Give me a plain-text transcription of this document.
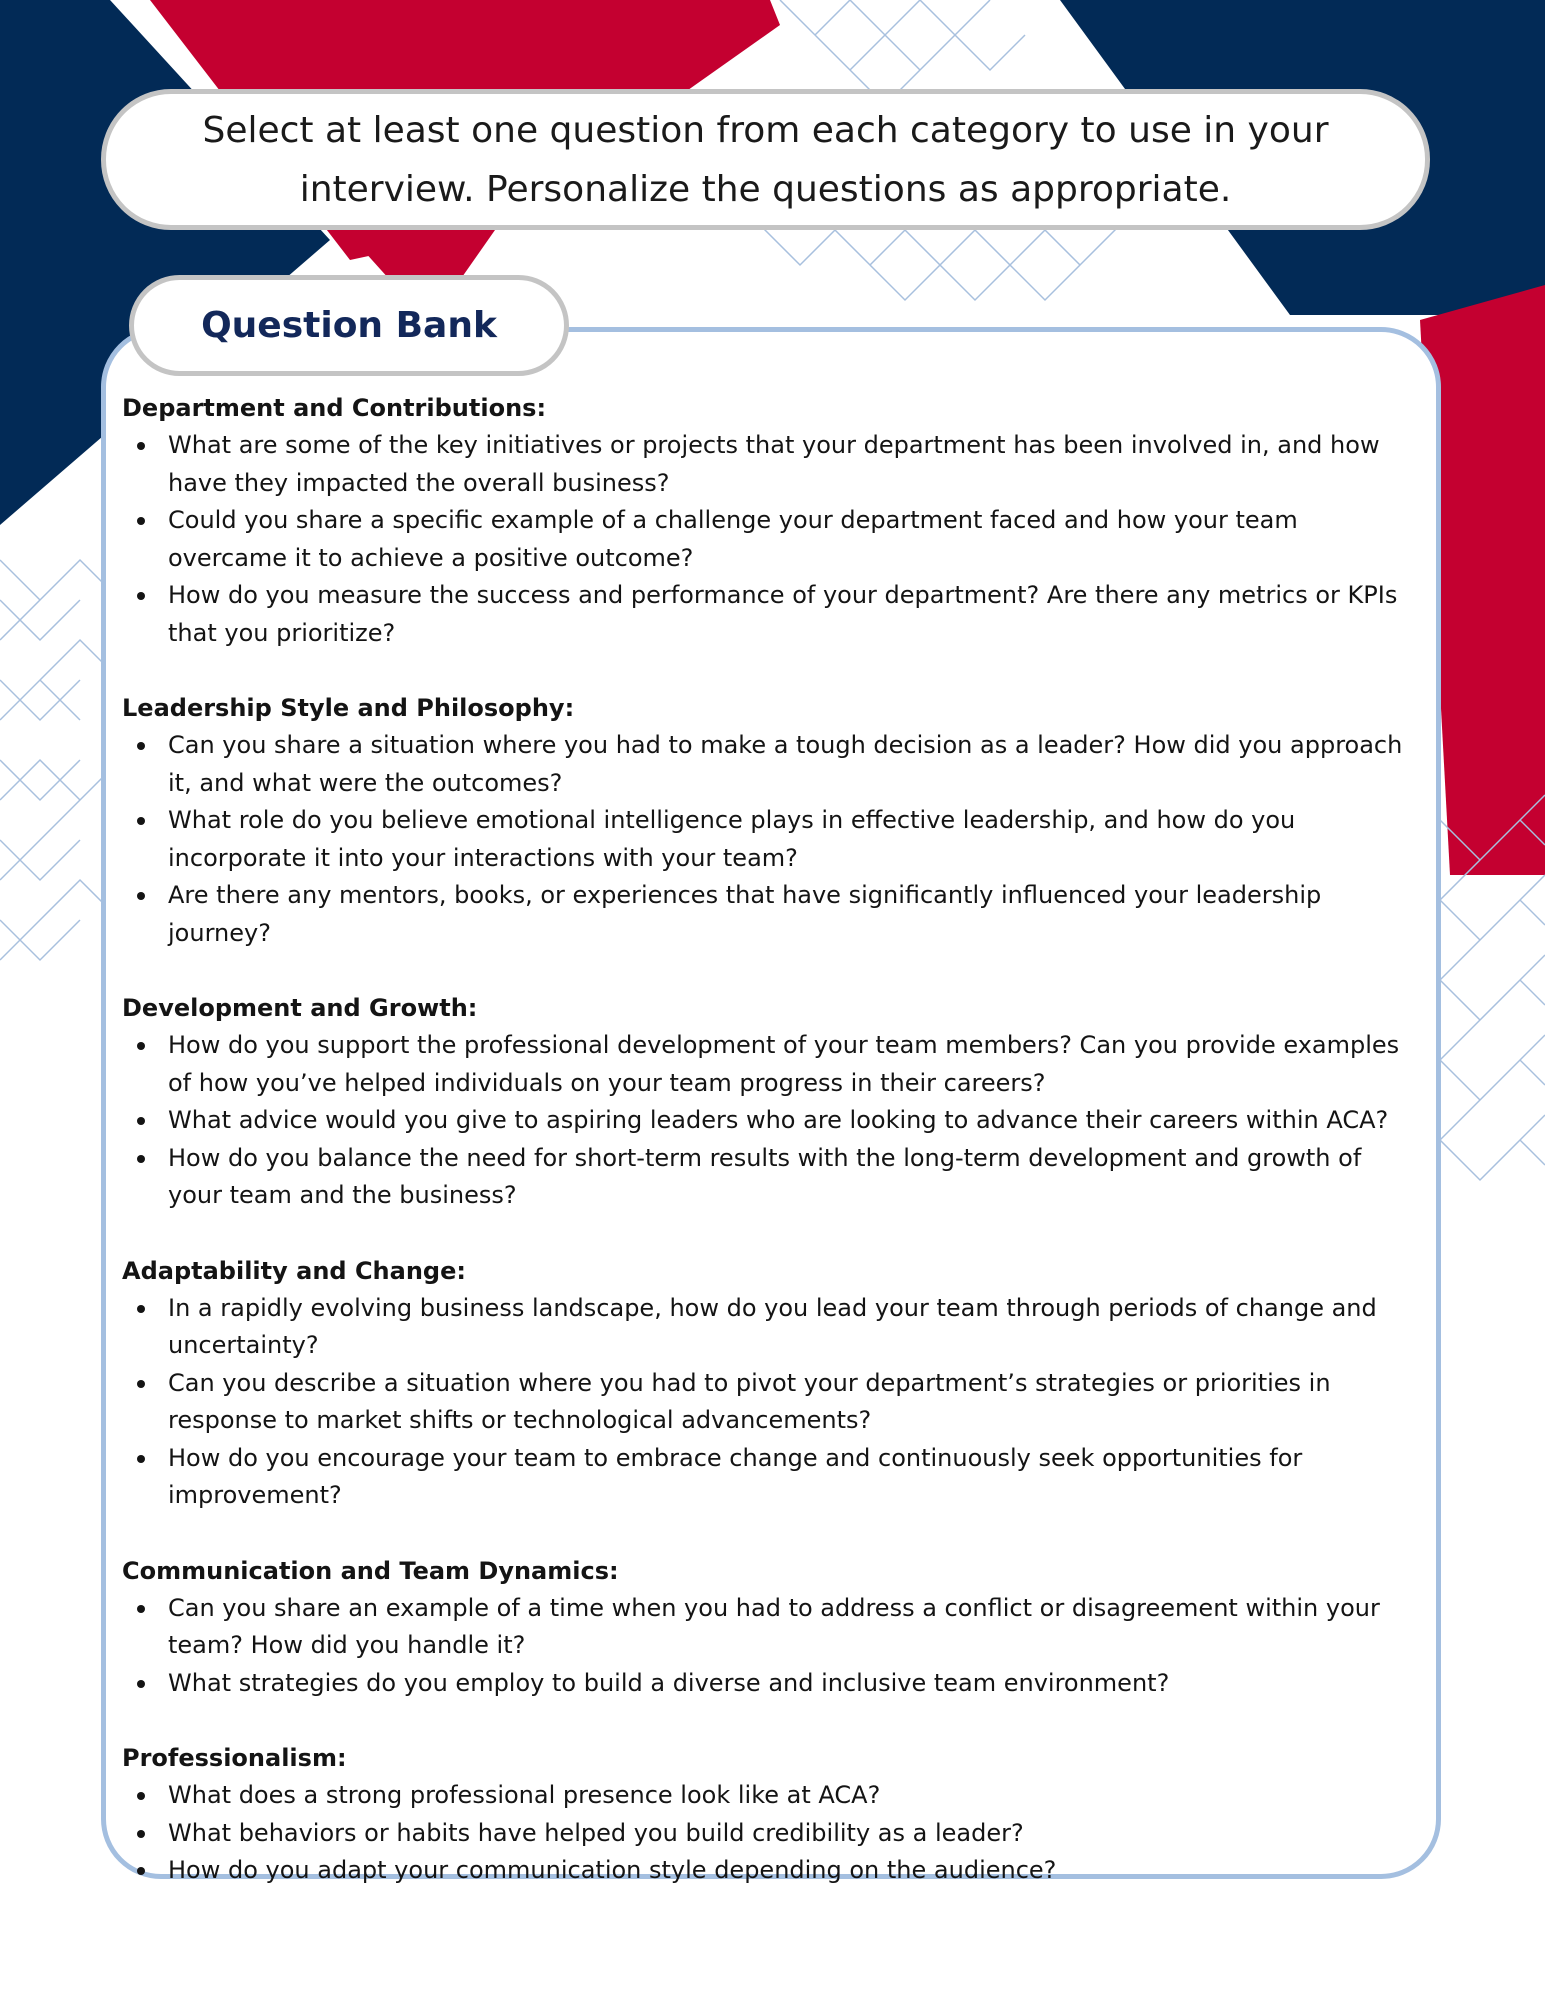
Select at least one question from each category to use in your interview. Personalize the questions as appropriate.
Question Bank
Department and Contributions:
What are some of the key initiatives or projects that your department has been involved in, and how have they impacted the overall business?
Could you share a specific example of a challenge your department faced and how your team overcame it to achieve a positive outcome?
How do you measure the success and performance of your department? Are there any metrics or KPIs that you prioritize?
Leadership Style and Philosophy:
Can you share a situation where you had to make a tough decision as a leader? How did you approach it, and what were the outcomes?
What role do you believe emotional intelligence plays in effective leadership, and how do you incorporate it into your interactions with your team?
Are there any mentors, books, or experiences that have significantly influenced your leadership journey?
Development and Growth:
How do you support the professional development of your team members? Can you provide examples of how you’ve helped individuals on your team progress in their careers?
What advice would you give to aspiring leaders who are looking to advance their careers within ACA?
How do you balance the need for short-term results with the long-term development and growth of your team and the business?
Adaptability and Change:
In a rapidly evolving business landscape, how do you lead your team through periods of change and uncertainty?
Can you describe a situation where you had to pivot your department’s strategies or priorities in response to market shifts or technological advancements?
How do you encourage your team to embrace change and continuously seek opportunities for improvement?
Communication and Team Dynamics:
Can you share an example of a time when you had to address a conflict or disagreement within your team? How did you handle it?
What strategies do you employ to build a diverse and inclusive team environment?
Professionalism:
What does a strong professional presence look like at ACA?
What behaviors or habits have helped you build credibility as a leader?
How do you adapt your communication style depending on the audience?
